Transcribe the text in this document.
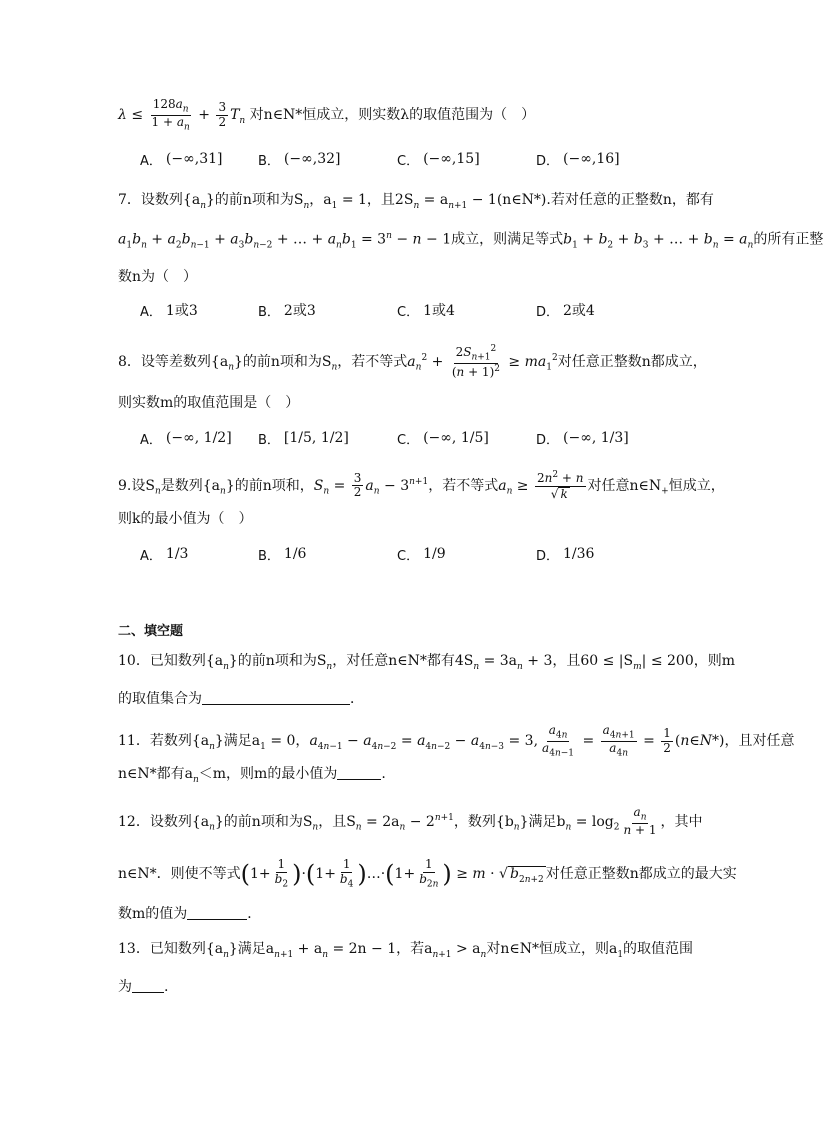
$\lambda \le \frac{128a_n}{1 + a_n} + \frac{3}{2} T_n$ 对n∈N*恒成立，则实数λ的取值范围为（　）
A． (−∞,31]	B． (−∞,32]	C． (−∞,15]	D． (−∞,16]
7．设数列$\{a_n\}$的前n项和为$S_n$，$a_1 = 1$，且$2S_n = a_{n+1}$ − 1(n∈N*).若对任意的正整数n，都有
$a_1b_n + a_2b_{n-1} + a_3b_{n-2}$ + … + $a_nb_1 = 3^n - n - 1$成立，则满足等式$b_1 + b_2 + b_3$ + … + $b_n = a_n$的所有正整
数n为（　）
A． 1或3	B． 2或3	C． 1或4	D． 2或4
8．设等差数列$\{a_n\}$的前n项和为$S_n$，若不等式$a_n^2 + \frac{2S_{n+1}^2}{(n + 1)^2} \ge ma_1^2$对任意正整数n都成立，
则实数m的取值范围是（　）
A． (−∞, 1/2] B． [1/5, 1/2]	C． (−∞, 1/5]	D． (−∞, 1/3]
9.设$S_n$是数列$\{a_n\}$的前n项和，$S_n = \frac{3}{2} a_n - 3^{n+1}$，若不等式$a_n \ge \frac{2n^2 + n}{√ k}$ 对任意$n\in N_+$恒成立，
则k的最小值为（　）
A． 1/3	B． 1/6	C． 1/9	D． 1/36
二、填空题
10．已知数列$\{a_n\}$的前n项和为$S_n$，对任意n∈N*都有$4S_n = 3a_n + 3$，且$60 \le |S_m| \le 200$，则m
的取值集合为	．
11．若数列$\{a_n\}$满足$a_1 = 0$，$a_{4n-1} - a_{4n-2} = a_{4n-2} - a_{4n-3} = 3$, $\frac{a_{4n}}{a_{4n-1}} = \frac{a_{4n+1}}{a_{4n}} = \frac{1}{2}$ (n∈N*)，且对任意
n∈N*都有$a_n<m$，则m的最小值为	.
12．设数列$\{a_n\}$的前n项和为$S_n$，且$S_n = 2a_n - 2^{n+1}$，数列$\{b_n\}$满足$b_n = \log_2 \frac{a_n}{n + 1}$ ，其中
n∈N*．则使不等式$(1+ \frac{1}{b_2} )\cdot(1+ \frac{1}{b_4}$ )…·(1+ $\frac{1}{b_{2n}}$ ) ≥ m · √ $b_{2n+2}$ 对任意正整数n都成立的最大实
数m的值为	．
13．已知数列$\{a_n\}$满足$a_{n+1} + a_n = 2n - 1$，若$a_{n+1} > a_n$对n∈N*恒成立，则$a_1$的取值范围
为 .
